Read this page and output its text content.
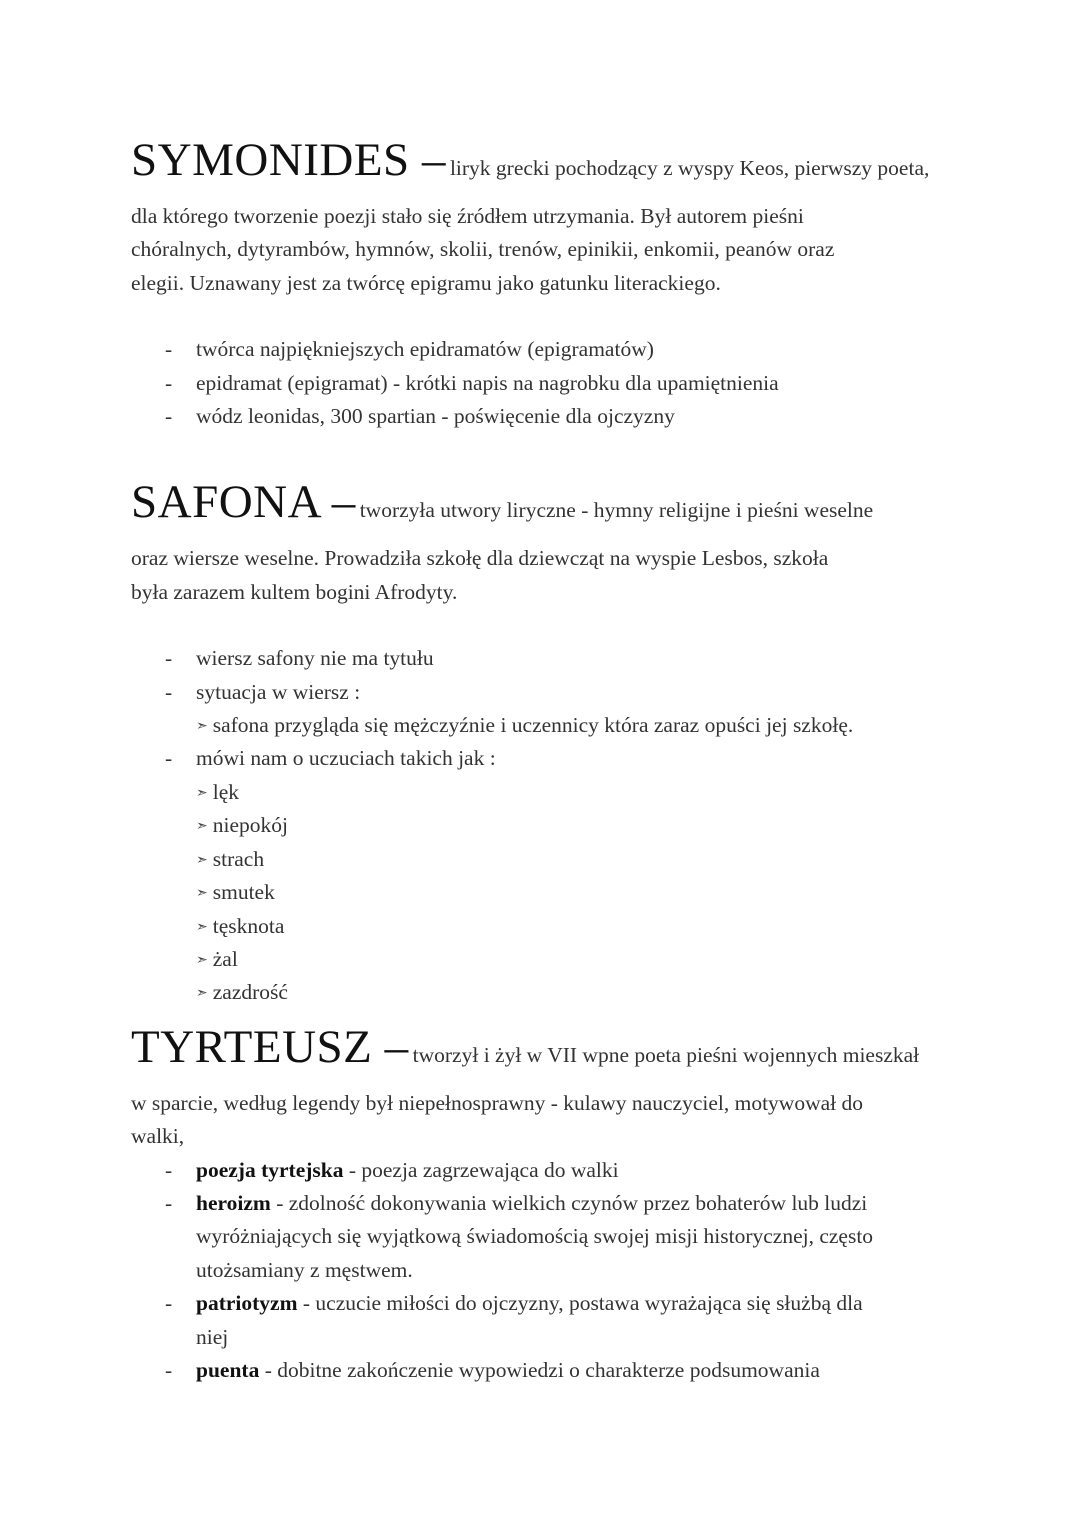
SYMONIDES – liryk grecki pochodzący z wyspy Keos, pierwszy poeta,
dla którego tworzenie poezji stało się źródłem utrzymania. Był autorem pieśni
chóralnych, dytyrambów, hymnów, skolii, trenów, epinikii, enkomii, peanów oraz
elegii. Uznawany jest za twórcę epigramu jako gatunku literackiego.
- twórca najpiękniejszych epidramatów (epigramatów)
- epidramat (epigramat) - krótki napis na nagrobku dla upamiętnienia
- wódz leonidas, 300 spartian - poświęcenie dla ojczyzny
SAFONA – tworzyła utwory liryczne - hymny religijne i pieśni weselne
oraz wiersze weselne. Prowadziła szkołę dla dziewcząt na wyspie Lesbos, szkoła
była zarazem kultem bogini Afrodyty.
- wiersz safony nie ma tytułu
- sytuacja w wiersz :
➣ safona przygląda się mężczyźnie i uczennicy która zaraz opuści jej szkołę.
- mówi nam o uczuciach takich jak :
➣ lęk
➣ niepokój
➣ strach
➣ smutek
➣ tęsknota
➣ żal
➣ zazdrość
TYRTEUSZ – tworzył i żył w VII wpne poeta pieśni wojennych mieszkał
w sparcie, według legendy był niepełnosprawny - kulawy nauczyciel, motywował do
walki,
- poezja tyrtejska - poezja zagrzewająca do walki
- heroizm - zdolność dokonywania wielkich czynów przez bohaterów lub ludzi
wyróżniających się wyjątkową świadomością swojej misji historycznej, często
utożsamiany z męstwem.
- patriotyzm - uczucie miłości do ojczyzny, postawa wyrażająca się służbą dla
niej
- puenta - dobitne zakończenie wypowiedzi o charakterze podsumowania
